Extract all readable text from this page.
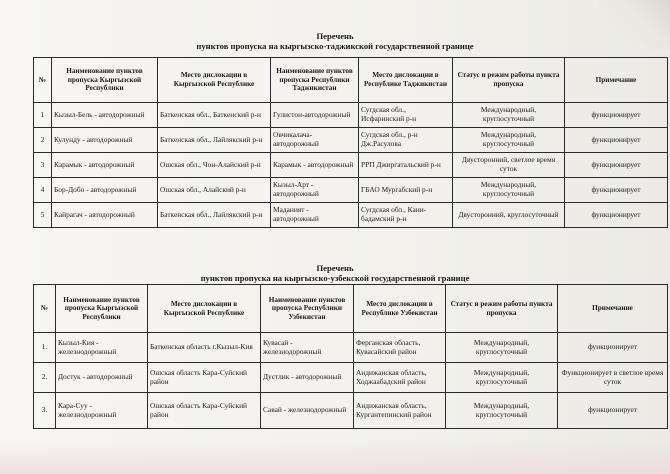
Перечень
пунктов пропуска на кыргызско-таджикской государственной границе
№	Наименование пунктов пропуска Кыргызской Республики	Место дислокации в Кыргызской Республике	Наименование пунктов пропуска Республики Таджикистан	Место дислокации в Республике Таджикистан	Статус и режим работы пункта пропуска	Примечание
1	Кызыл-Бель - автодорожный	Баткенская обл., Баткенский р-н	Гулистон-автодорожный	Сугдская обл., Исфаринский р-н	Международный, круглосуточный	функционирует
2	Кулунду - автодорожный	Баткенская обл., Лайлякский р-н	Овчикалача-автодорожный	Сугдская обл., р-н Дж.Расулова	Международный, круглосуточный	функционирует
3	Карамык - автодорожный	Ошская обл., Чон-Алайский р-н	Карамык - автодорожный	РРП Джиргатальский р-н	Двусторонний, светлое время суток	функционирует
4	Бор-Добо - автодорожный	Ошская обл., Алайский р-н	Кызыл-Арт - автодорожный	ГБАО Мургабский р-н	Международный, круглосуточный	функционирует
5	Кайрагач - автодорожный	Баткенская обл., Лайлякский р-н	Маданият - автодорожный	Сугдская обл., Кани-бадамский р-н	Двусторонний, круглосуточный	функционирует
Перечень
пунктов пропуска на кыргызско-узбекской государственной границе
№	Наименование пунктов пропуска Кыргызской Республики	Место дислокации в Кыргызской Республике	Наименование пунктов пропуска Республики Узбекистан	Место дислокации в Республике Узбекистан	Статус и режим работы пункта пропуска	Примечание
1.	Кызыл-Кия - железнодорожный	Баткенская область г.Кызыл-Кия	Кувасай - железнодорожный	Ферганская область, Кувасайский район	Международный, круглосуточный	функционирует
2.	Достук - автодорожный	Ошская область Кара-Суйский район	Дустлик - автодорожный	Андижанская область, Ходжаабадский район	Международный, круглосуточный	Функционирует в светлое время суток
3.	Кара-Суу - железнодорожный	Ошская область Кара-Суйский район	Савай - железнодорожный	Андижанская область, Кургантепинский район	Международный, круглосуточный	функционирует
